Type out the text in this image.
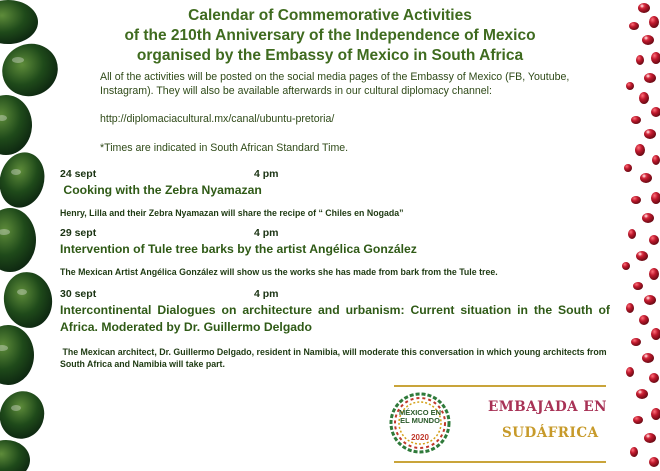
Calendar of Commemorative Activities
of the 210th Anniversary of the Independence of Mexico
organised by the Embassy of Mexico in South Africa

All of the activities will be posted on the social media pages of the Embassy of Mexico (FB, Youtube, Instagram). They will also be available afterwards in our cultural diplomacy channel:

http://diplomaciacultural.mx/canal/ubuntu-pretoria/

*Times are indicated in South African Standard Time.

24 sept	4 pm
Cooking with the Zebra Nyamazan
Henry, Lilla and their Zebra Nyamazan will share the recipe of “ Chiles en Nogada”
29 sept	4 pm
Intervention of Tule tree barks by the artist Angélica González
The Mexican Artist Angélica González will show us the works she has made from bark from the Tule tree.
30 sept	4 pm
Intercontinental Dialogues on architecture and urbanism: Current situation in the South of Africa. Moderated by Dr. Guillermo Delgado
The Mexican architect, Dr. Guillermo Delgado, resident in Namibia, will moderate this conversation in which young architects from South Africa and Namibia will take part.
MÉXICO EN
EL MUNDO
2020
EMBAJADA EN
SUDÁFRICA
